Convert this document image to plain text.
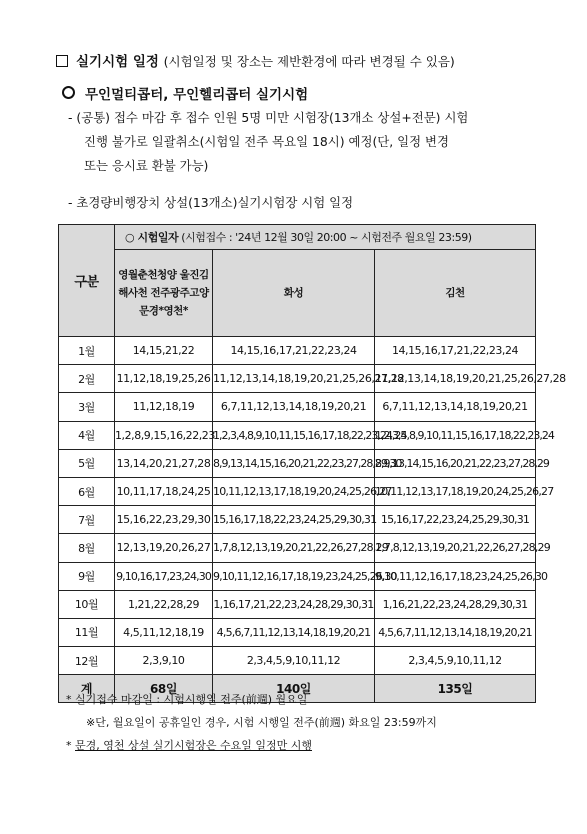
실기시험 일정 (시험일정 및 장소는 제반환경에 따라 변경될 수 있음)
무인멀티콥터, 무인헬리콥터 실기시험
- (공통) 접수 마감 후 접수 인원 5명 미만 시험장(13개소 상설+전문) 시험
진행 불가로 일괄취소(시험일 전주 목요일 18시) 예정(단, 일정 변경
또는 응시료 환불 가능)
- 초경량비행장치 상설(13개소)실기시험장 시험 일정
구분	○ 시험일자 (시험접수 : '24년 12월 30일 20:00 ~ 시험전주 월요일 23:59)		

	영월춘천청양 울진김해사천 전주광주고양 문경*영천*	화성	김천
1월	14,15,21,22	14,15,16,17,21,22,23,24	14,15,16,17,21,22,23,24
2월	11,12,18,19,25,26	11,12,13,14,18,19,20,21,25,26,27,28	11,12,13,14,18,19,20,21,25,26,27,28
3월	11,12,18,19	6,7,11,12,13,14,18,19,20,21	6,7,11,12,13,14,18,19,20,21
4월	1,2,8,9,15,16,22,23	1,2,3,4,8,9,10,11,15,16,17,18,22,23,24,25	1,2,3,4,8,9,10,11,15,16,17,18,22,23,24
5월	13,14,20,21,27,28	8,9,13,14,15,16,20,21,22,23,27,28,29,30	8,9,13,14,15,16,20,21,22,23,27,28,29
6월	10,11,17,18,24,25	10,11,12,13,17,18,19,20,24,25,26,27	10,11,12,13,17,18,19,20,24,25,26,27
7월	15,16,22,23,29,30	15,16,17,18,22,23,24,25,29,30,31	15,16,17,22,23,24,25,29,30,31
8월	12,13,19,20,26,27	1,7,8,12,13,19,20,21,22,26,27,28,29	1,7,8,12,13,19,20,21,22,26,27,28,29
9월	9,10,16,17,23,24,30	9,10,11,12,16,17,18,19,23,24,25,26,30	9,10,11,12,16,17,18,23,24,25,26,30
10월	1,21,22,28,29	1,16,17,21,22,23,24,28,29,30,31	1,16,21,22,23,24,28,29,30,31
11월	4,5,11,12,18,19	4,5,6,7,11,12,13,14,18,19,20,21	4,5,6,7,11,12,13,14,18,19,20,21
12월	2,3,9,10	2,3,4,5,9,10,11,12	2,3,4,5,9,10,11,12
계	68일	140일	135일
* 실기접수 마감일 : 시험시행일 전주(前週) 월요일
※단, 월요일이 공휴일인 경우, 시험 시행일 전주(前週) 화요일 23:59까지
* 문경, 영천 상설 실기시험장은 수요일 일정만 시행
